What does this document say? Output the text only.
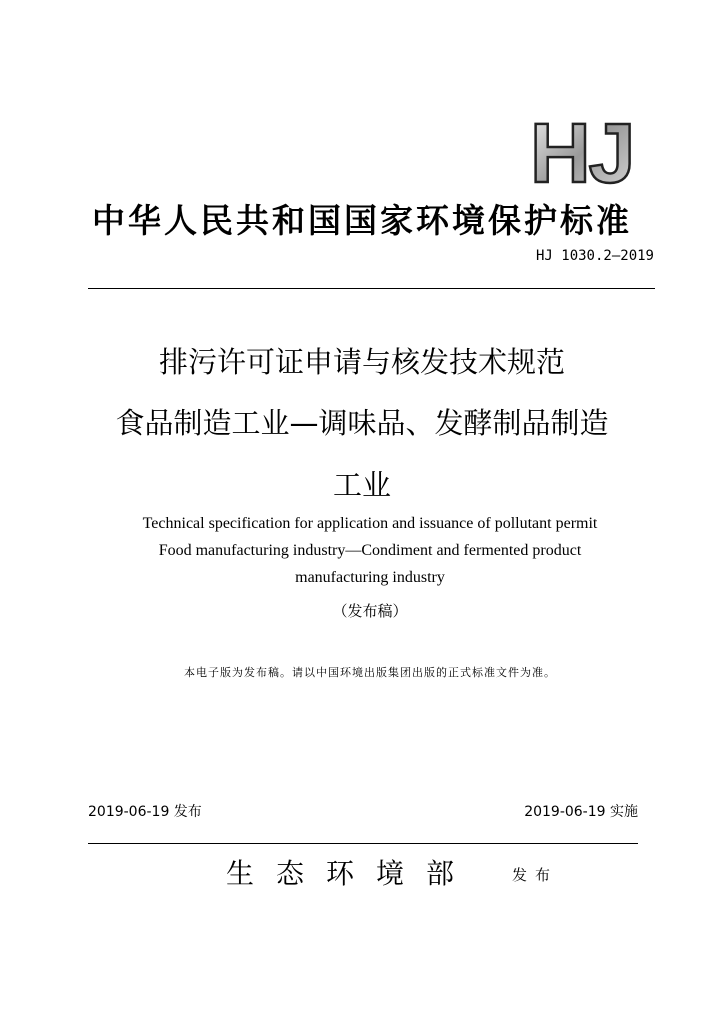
HJ
中华人民共和国国家环境保护标准
HJ 1030.2—2019
排污许可证申请与核发技术规范
食品制造工业—调味品、发酵制品制造
工业
Technical specification for application and issuance of pollutant permit
Food manufacturing industry—Condiment and fermented product
manufacturing industry
（发布稿）
本电子版为发布稿。请以中国环境出版集团出版的正式标准文件为准。
2019-06-19 发布	2019-06-19 实施
生态环境部 发布
